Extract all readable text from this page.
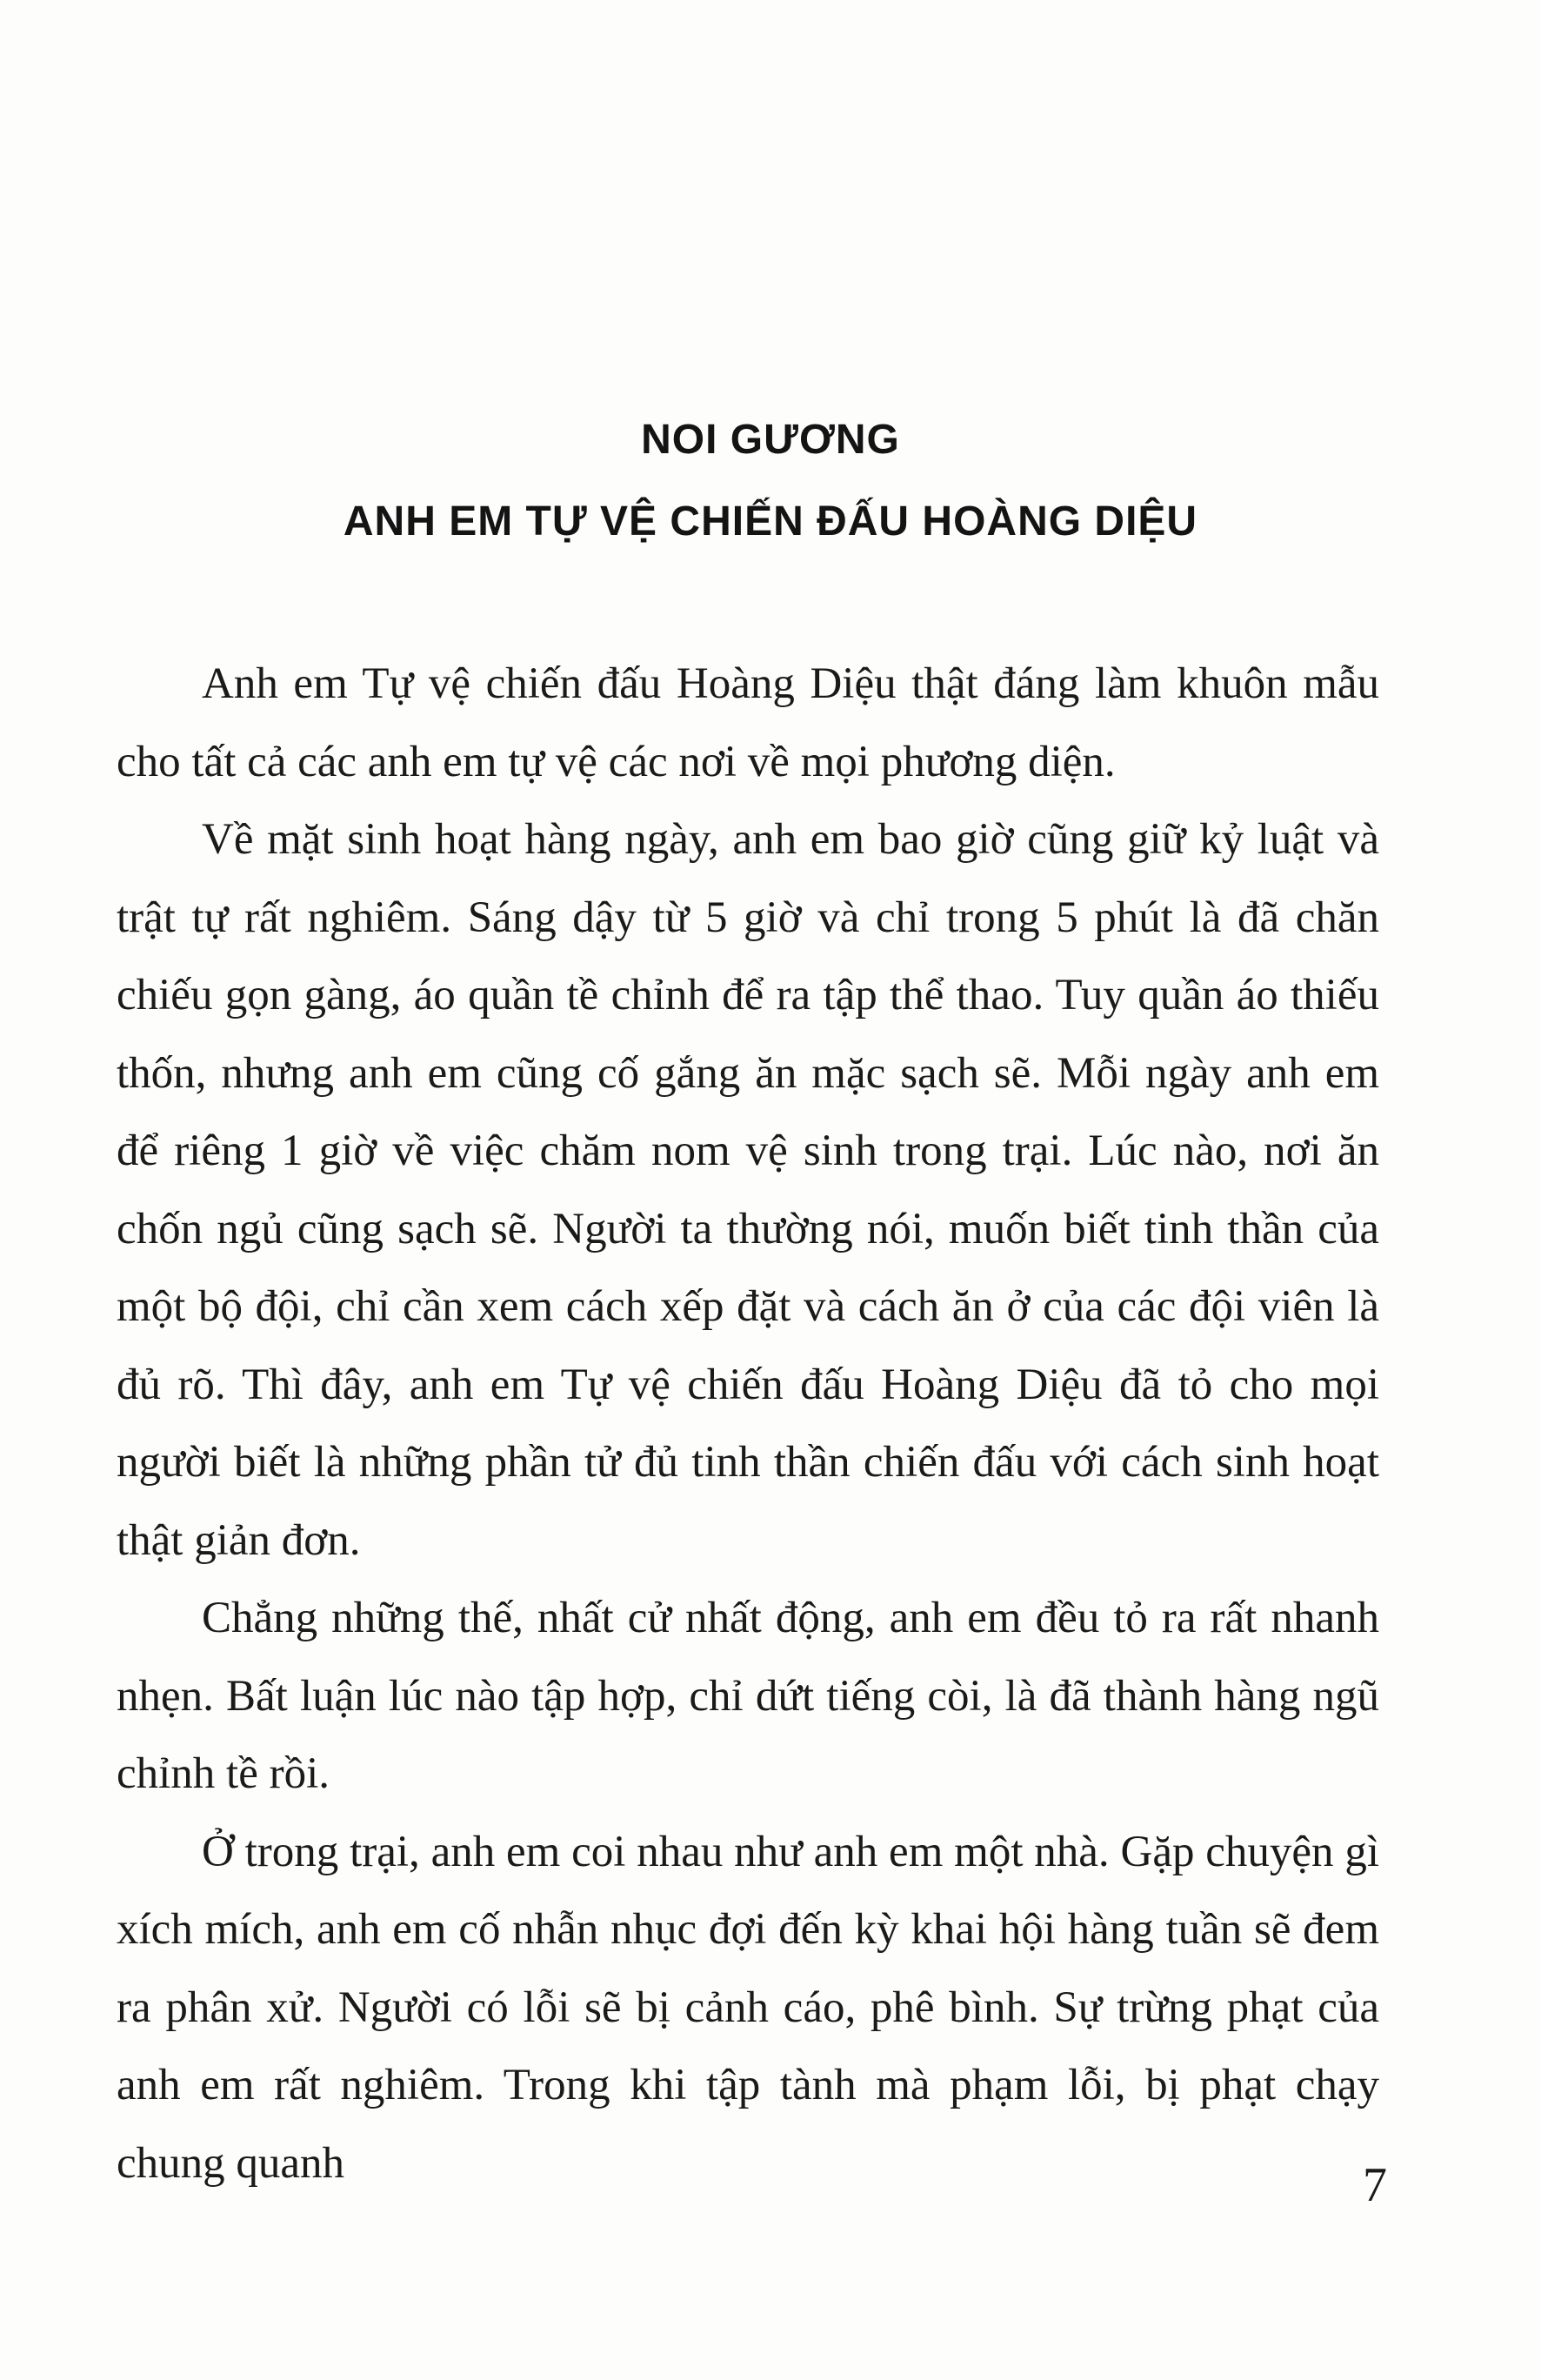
NOI GƯƠNG
ANH EM TỰ VỆ CHIẾN ĐẤU HOÀNG DIỆU

Anh em Tự vệ chiến đấu Hoàng Diệu thật đáng làm khuôn mẫu cho tất cả các anh em tự vệ các nơi về mọi phương diện.

Về mặt sinh hoạt hàng ngày, anh em bao giờ cũng giữ kỷ luật và trật tự rất nghiêm. Sáng dậy từ 5 giờ và chỉ trong 5 phút là đã chăn chiếu gọn gàng, áo quần tề chỉnh để ra tập thể thao. Tuy quần áo thiếu thốn, nhưng anh em cũng cố gắng ăn mặc sạch sẽ. Mỗi ngày anh em để riêng 1 giờ về việc chăm nom vệ sinh trong trại. Lúc nào, nơi ăn chốn ngủ cũng sạch sẽ. Người ta thường nói, muốn biết tinh thần của một bộ đội, chỉ cần xem cách xếp đặt và cách ăn ở của các đội viên là đủ rõ. Thì đây, anh em Tự vệ chiến đấu Hoàng Diệu đã tỏ cho mọi người biết là những phần tử đủ tinh thần chiến đấu với cách sinh hoạt thật giản đơn.

Chẳng những thế, nhất cử nhất động, anh em đều tỏ ra rất nhanh nhẹn. Bất luận lúc nào tập hợp, chỉ dứt tiếng còi, là đã thành hàng ngũ chỉnh tề rồi.

Ở trong trại, anh em coi nhau như anh em một nhà. Gặp chuyện gì xích mích, anh em cố nhẫn nhục đợi đến kỳ khai hội hàng tuần sẽ đem ra phân xử. Người có lỗi sẽ bị cảnh cáo, phê bình. Sự trừng phạt của anh em rất nghiêm. Trong khi tập tành mà phạm lỗi, bị phạt chạy chung quanh	7
